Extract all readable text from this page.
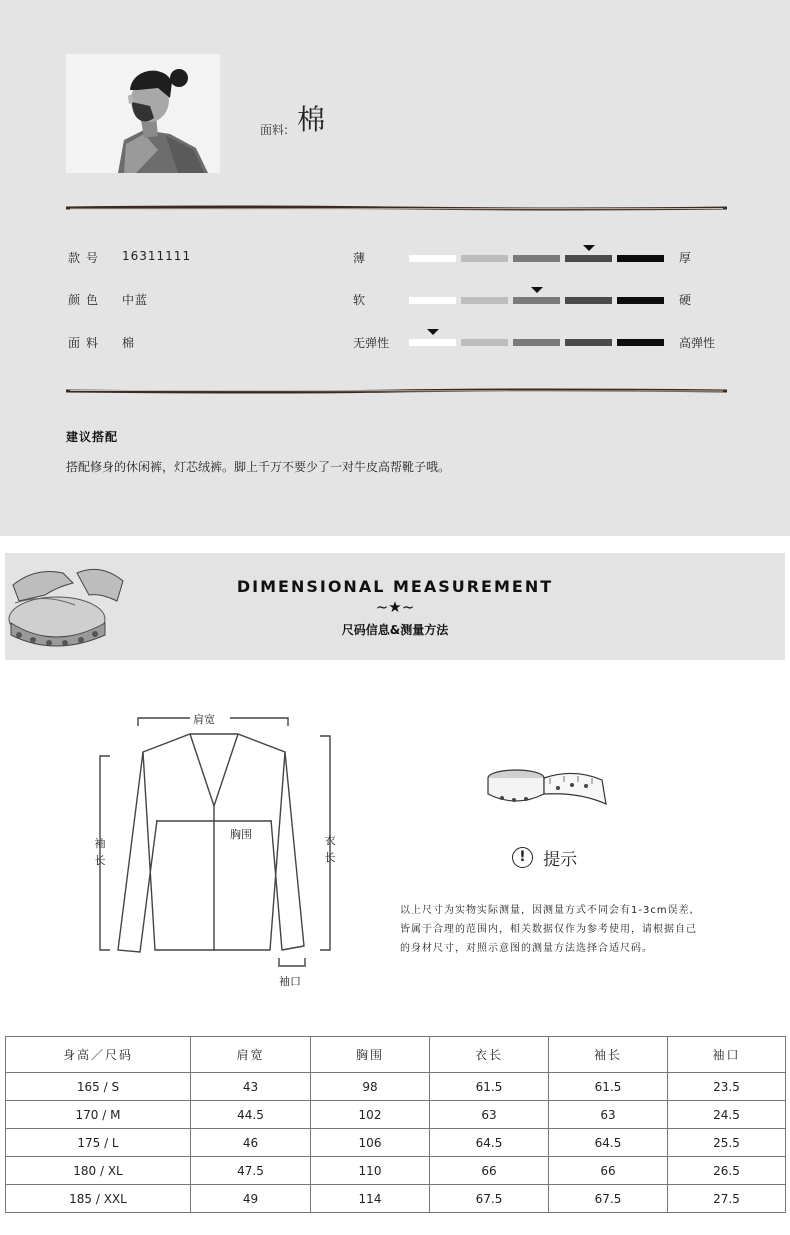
面料: 棉
款号 16311111
颜色 中蓝
面料 棉
薄	厚
软	硬
无弹性	高弹性
建议搭配
搭配修身的休闲裤，灯芯绒裤。脚上千万不要少了一对牛皮高帮靴子哦。
DIMENSIONAL MEASUREMENT
~★~
尺码信息&测量方法
肩宽
胸围
袖
长
衣
长
袖口
! 提示
以上尺寸为实物实际测量，因测量方式不同会有1-3cm误差,
皆属于合理的范围内，相关数据仅作为参考使用，请根据自己
的身材尺寸，对照示意图的测量方法选择合适尺码。
身高／尺码	肩宽	胸围	衣长	袖长	袖口
165 / S	43	98	61.5	61.5	23.5
170 / M	44.5	102	63	63	24.5
175 / L	46	106	64.5	64.5	25.5
180 / XL	47.5	110	66	66	26.5
185 / XXL	49	114	67.5	67.5	27.5
